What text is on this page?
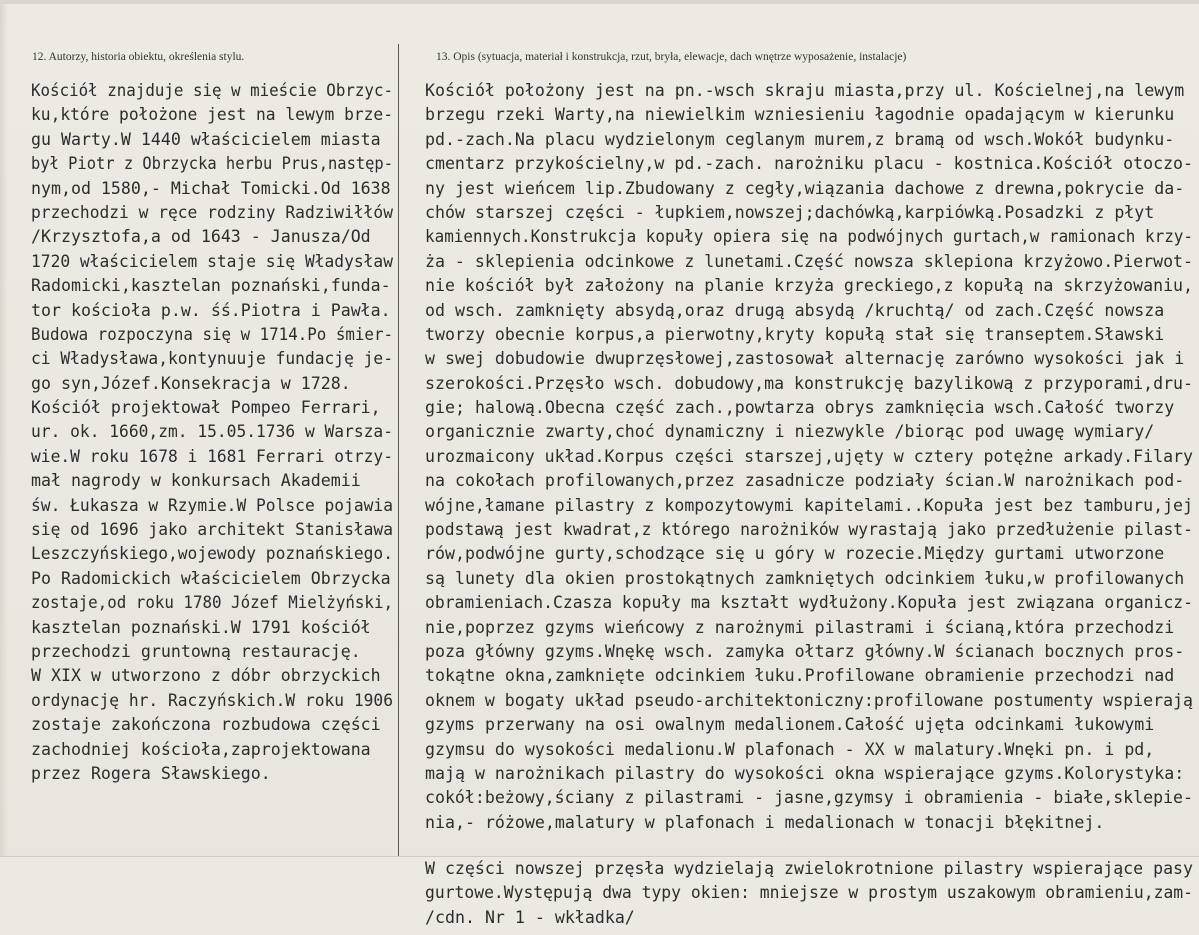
12. Autorzy, historia obiektu, określenia stylu.	13. Opis (sytuacja, materiał i konstrukcja, rzut, bryła, elewacje, dach wnętrze wyposażenie, instalacje)
Kościół znajduje się w mieście Obrzyc-
ku,które położone jest na lewym brze-
gu Warty.W 1440 właścicielem miasta
był Piotr z Obrzycka herbu Prus,następ-
nym,od 1580,- Michał Tomicki.Od 1638
przechodzi w ręce rodziny Radziwiłłów
/Krzysztofa,a od 1643 - Janusza/Od
1720 właścicielem staje się Władysław
Radomicki,kasztelan poznański,funda-
tor kościoła p.w. śś.Piotra i Pawła.
Budowa rozpoczyna się w 1714.Po śmier-
ci Władysława,kontynuuje fundację je-
go syn,Józef.Konsekracja w 1728.
Kościół projektował Pompeo Ferrari,
ur. ok. 1660,zm. 15.05.1736 w Warsza-
wie.W roku 1678 i 1681 Ferrari otrzy-
mał nagrody w konkursach Akademii
św. Łukasza w Rzymie.W Polsce pojawia
się od 1696 jako architekt Stanisława
Leszczyńskiego,wojewody poznańskiego.
Po Radomickich właścicielem Obrzycka
zostaje,od roku 1780 Józef Mielżyński,
kasztelan poznański.W 1791 kościół
przechodzi gruntowną restaurację.
W XIX w utworzono z dóbr obrzyckich
ordynację hr. Raczyńskich.W roku 1906
zostaje zakończona rozbudowa części
zachodniej kościoła,zaprojektowana
przez Rogera Sławskiego.
Kościół położony jest na pn.-wsch skraju miasta,przy ul. Kościelnej,na lewym
brzegu rzeki Warty,na niewielkim wzniesieniu łagodnie opadającym w kierunku
pd.-zach.Na placu wydzielonym ceglanym murem,z bramą od wsch.Wokół budynku-
cmentarz przykościelny,w pd.-zach. narożniku placu - kostnica.Kościół otoczo-
ny jest wieńcem lip.Zbudowany z cegły,wiązania dachowe z drewna,pokrycie da-
chów starszej części - łupkiem,nowszej;dachówką,karpiówką.Posadzki z płyt
kamiennych.Konstrukcja kopuły opiera się na podwójnych gurtach,w ramionach krzy-
ża - sklepienia odcinkowe z lunetami.Część nowsza sklepiona krzyżowo.Pierwot-
nie kościół był założony na planie krzyża greckiego,z kopułą na skrzyżowaniu,
od wsch. zamknięty absydą,oraz drugą absydą /kruchtą/ od zach.Część nowsza
tworzy obecnie korpus,a pierwotny,kryty kopułą stał się transeptem.Sławski
w swej dobudowie dwuprzęsłowej,zastosował alternację zarówno wysokości jak i
szerokości.Przęsło wsch. dobudowy,ma konstrukcję bazylikową z przyporami,dru-
gie; halową.Obecna część zach.,powtarza obrys zamknięcia wsch.Całość tworzy
organicznie zwarty,choć dynamiczny i niezwykle /biorąc pod uwagę wymiary/
urozmaicony układ.Korpus części starszej,ujęty w cztery potężne arkady.Filary
na cokołach profilowanych,przez zasadnicze podziały ścian.W narożnikach pod-
wójne,łamane pilastry z kompozytowymi kapitelami..Kopuła jest bez tamburu,jej
podstawą jest kwadrat,z którego narożników wyrastają jako przedłużenie pilast-
rów,podwójne gurty,schodzące się u góry w rozecie.Między gurtami utworzone
są lunety dla okien prostokątnych zamkniętych odcinkiem łuku,w profilowanych
obramieniach.Czasza kopuły ma kształt wydłużony.Kopuła jest związana organicz-
nie,poprzez gzyms wieńcowy z narożnymi pilastrami i ścianą,która przechodzi
poza główny gzyms.Wnękę wsch. zamyka ołtarz główny.W ścianach bocznych pros-
tokątne okna,zamknięte odcinkiem łuku.Profilowane obramienie przechodzi nad
oknem w bogaty układ pseudo-architektoniczny:profilowane postumenty wspierają
gzyms przerwany na osi owalnym medalionem.Całość ujęta odcinkami łukowymi
gzymsu do wysokości medalionu.W plafonach - XX w malatury.Wnęki pn. i pd,
mają w narożnikach pilastry do wysokości okna wspierające gzyms.Kolorystyka:
cokół:beżowy,ściany z pilastrami - jasne,gzymsy i obramienia - białe,sklepie-
nia,- różowe,malatury w plafonach i medalionach w tonacji błękitnej.
W części nowszej przęsła wydzielają zwielokrotnione pilastry wspierające pasy
gurtowe.Występują dwa typy okien: mniejsze w prostym uszakowym obramieniu,zam-
/cdn. Nr 1 - wkładka/
